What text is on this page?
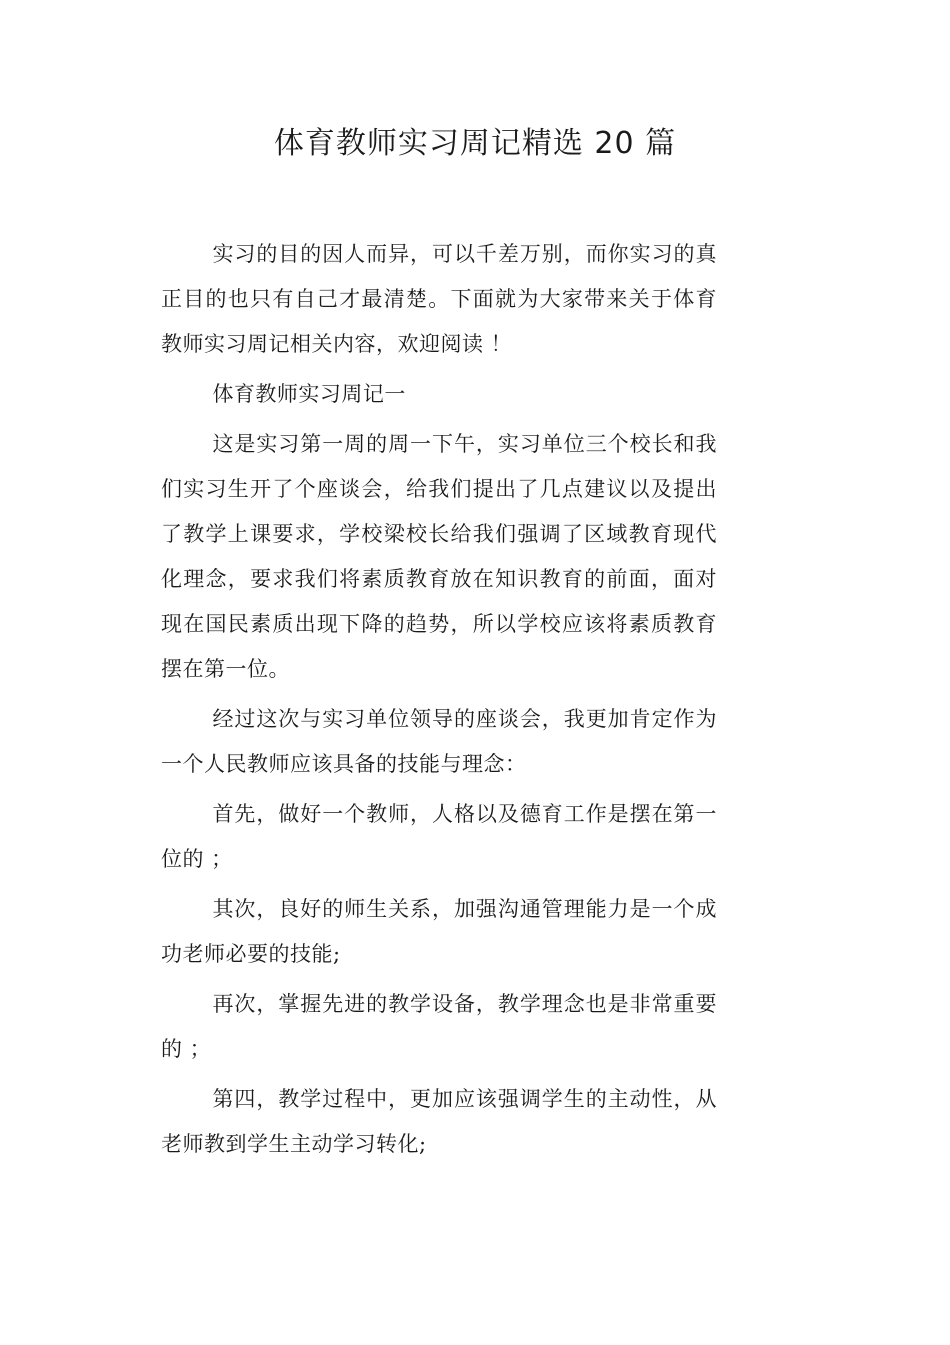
体育教师实习周记精选 20 篇

实习的目的因人而异，可以千差万别，而你实习的真正目的也只有自己才最清楚。下面就为大家带来关于体育教师实习周记相关内容，欢迎阅读 ！

体育教师实习周记一

这是实习第一周的周一下午，实习单位三个校长和我们实习生开了个座谈会，给我们提出了几点建议以及提出了教学上课要求，学校梁校长给我们强调了区域教育现代化理念，要求我们将素质教育放在知识教育的前面，面对现在国民素质出现下降的趋势，所以学校应该将素质教育摆在第一位。

经过这次与实习单位领导的座谈会，我更加肯定作为一个人民教师应该具备的技能与理念：

首先，做好一个教师，人格以及德育工作是摆在第一位的 ；

其次，良好的师生关系，加强沟通管理能力是一个成功老师必要的技能;

再次，掌握先进的教学设备，教学理念也是非常重要的 ；

第四，教学过程中，更加应该强调学生的主动性，从老师教到学生主动学习转化;
